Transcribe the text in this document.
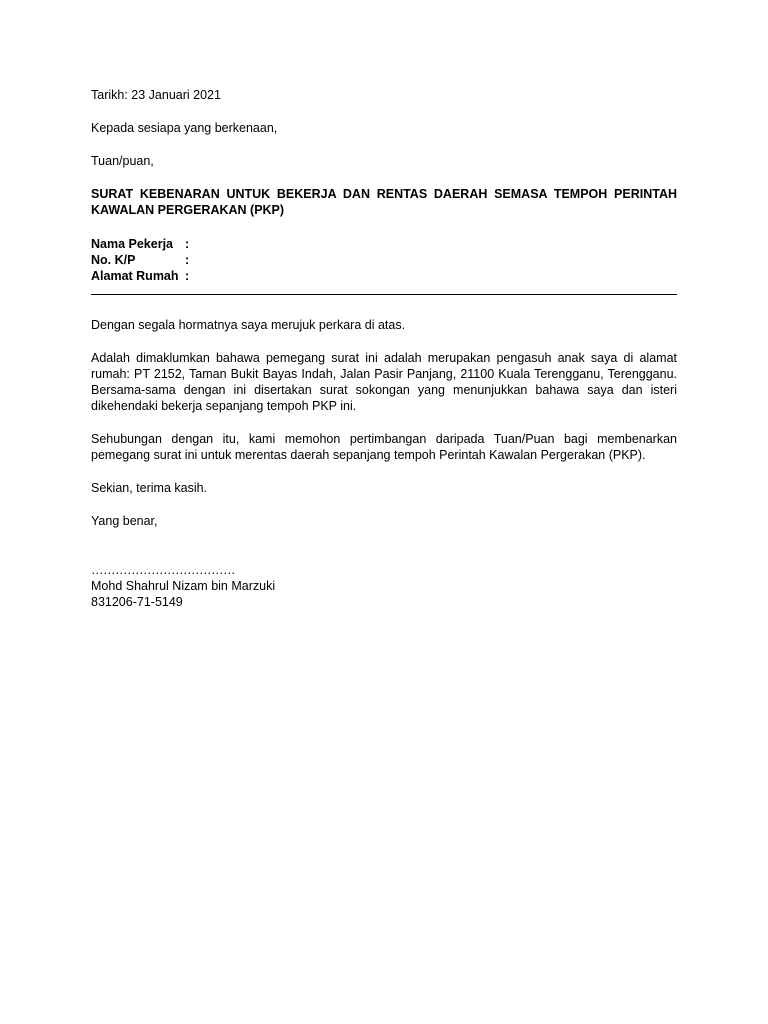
Tarikh: 23 Januari 2021

Kepada sesiapa yang berkenaan,

Tuan/puan,

SURAT KEBENARAN UNTUK BEKERJA DAN RENTAS DAERAH SEMASA TEMPOH PERINTAH KAWALAN PERGERAKAN (PKP)

Nama Pekerja :
No. K/P	:
Alamat Rumah :

Dengan segala hormatnya saya merujuk perkara di atas.

Adalah dimaklumkan bahawa pemegang surat ini adalah merupakan pengasuh anak saya di alamat rumah: PT 2152, Taman Bukit Bayas Indah, Jalan Pasir Panjang, 21100 Kuala Terengganu, Terengganu. Bersama-sama dengan ini disertakan surat sokongan yang menunjukkan bahawa saya dan isteri dikehendaki bekerja sepanjang tempoh PKP ini.

Sehubungan dengan itu, kami memohon pertimbangan daripada Tuan/Puan bagi membenarkan pemegang surat ini untuk merentas daerah sepanjang tempoh Perintah Kawalan Pergerakan (PKP).

Sekian, terima kasih.

Yang benar,

………………………………

Mohd Shahrul Nizam bin Marzuki

831206-71-5149
